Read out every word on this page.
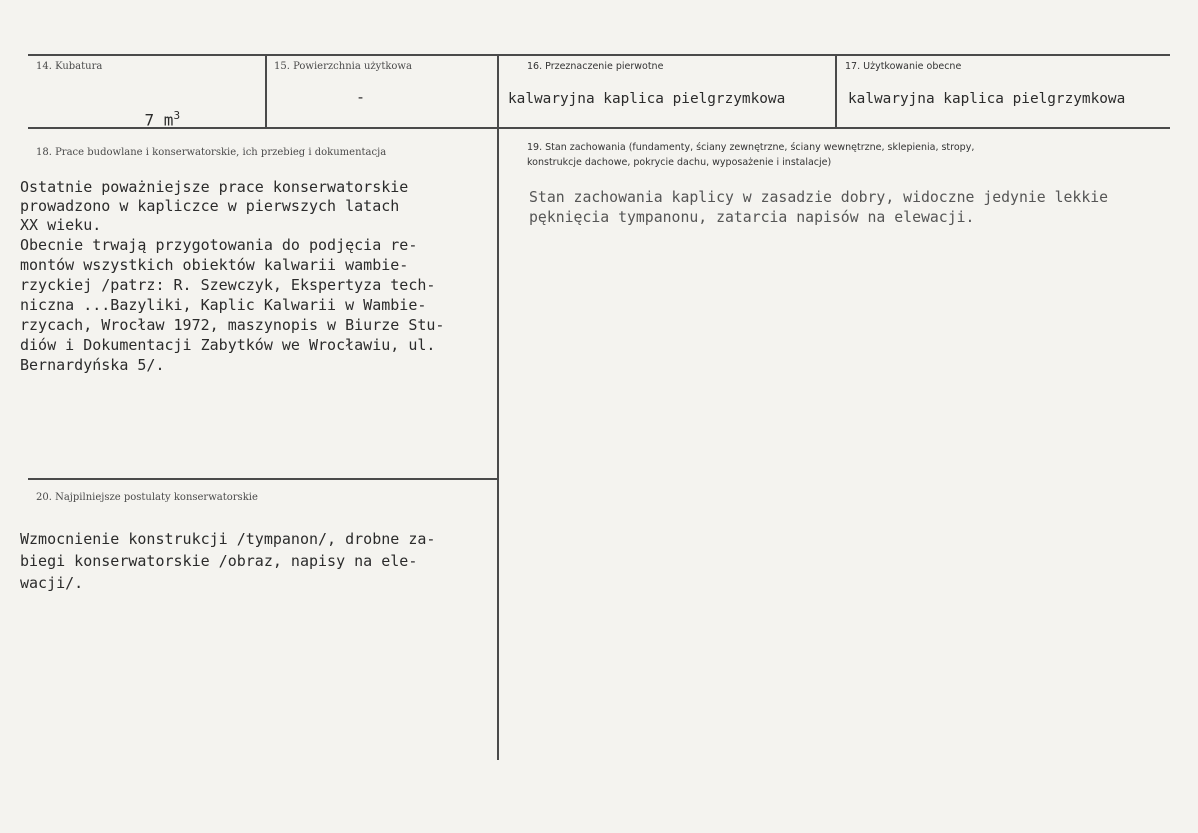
14. Kubatura

7 $m^3$

15. Powierzchnia użytkowa
-
16. Przeznaczenie pierwotne
kalwaryjna kaplica pielgrzymkowa
17. Użytkowanie obecne
kalwaryjna kaplica pielgrzymkowa
18. Prace budowlane i konserwatorskie, ich przebieg i dokumentacja
Ostatnie poważniejsze prace konserwatorskie
prowadzono w kapliczce w pierwszych latach
XX wieku.
Obecnie trwają przygotowania do podjęcia re-
montów wszystkich obiektów kalwarii wambie-
rzyckiej /patrz: R. Szewczyk, Ekspertyza tech-
niczna ...Bazyliki, Kaplic Kalwarii w Wambie-
rzycach, Wrocław 1972, maszynopis w Biurze Stu-
diów i Dokumentacji Zabytków we Wrocławiu, ul.
Bernardyńska 5/.
19. Stan zachowania (fundamenty, ściany zewnętrzne, ściany wewnętrzne, sklepienia, stropy,
konstrukcje dachowe, pokrycie dachu, wyposażenie i instalacje)
Stan zachowania kaplicy w zasadzie dobry, widoczne jedynie lekkie
pęknięcia tympanonu, zatarcia napisów na elewacji.
20. Najpilniejsze postulaty konserwatorskie
Wzmocnienie konstrukcji /tympanon/, drobne za-
biegi konserwatorskie /obraz, napisy na ele-
wacji/.
